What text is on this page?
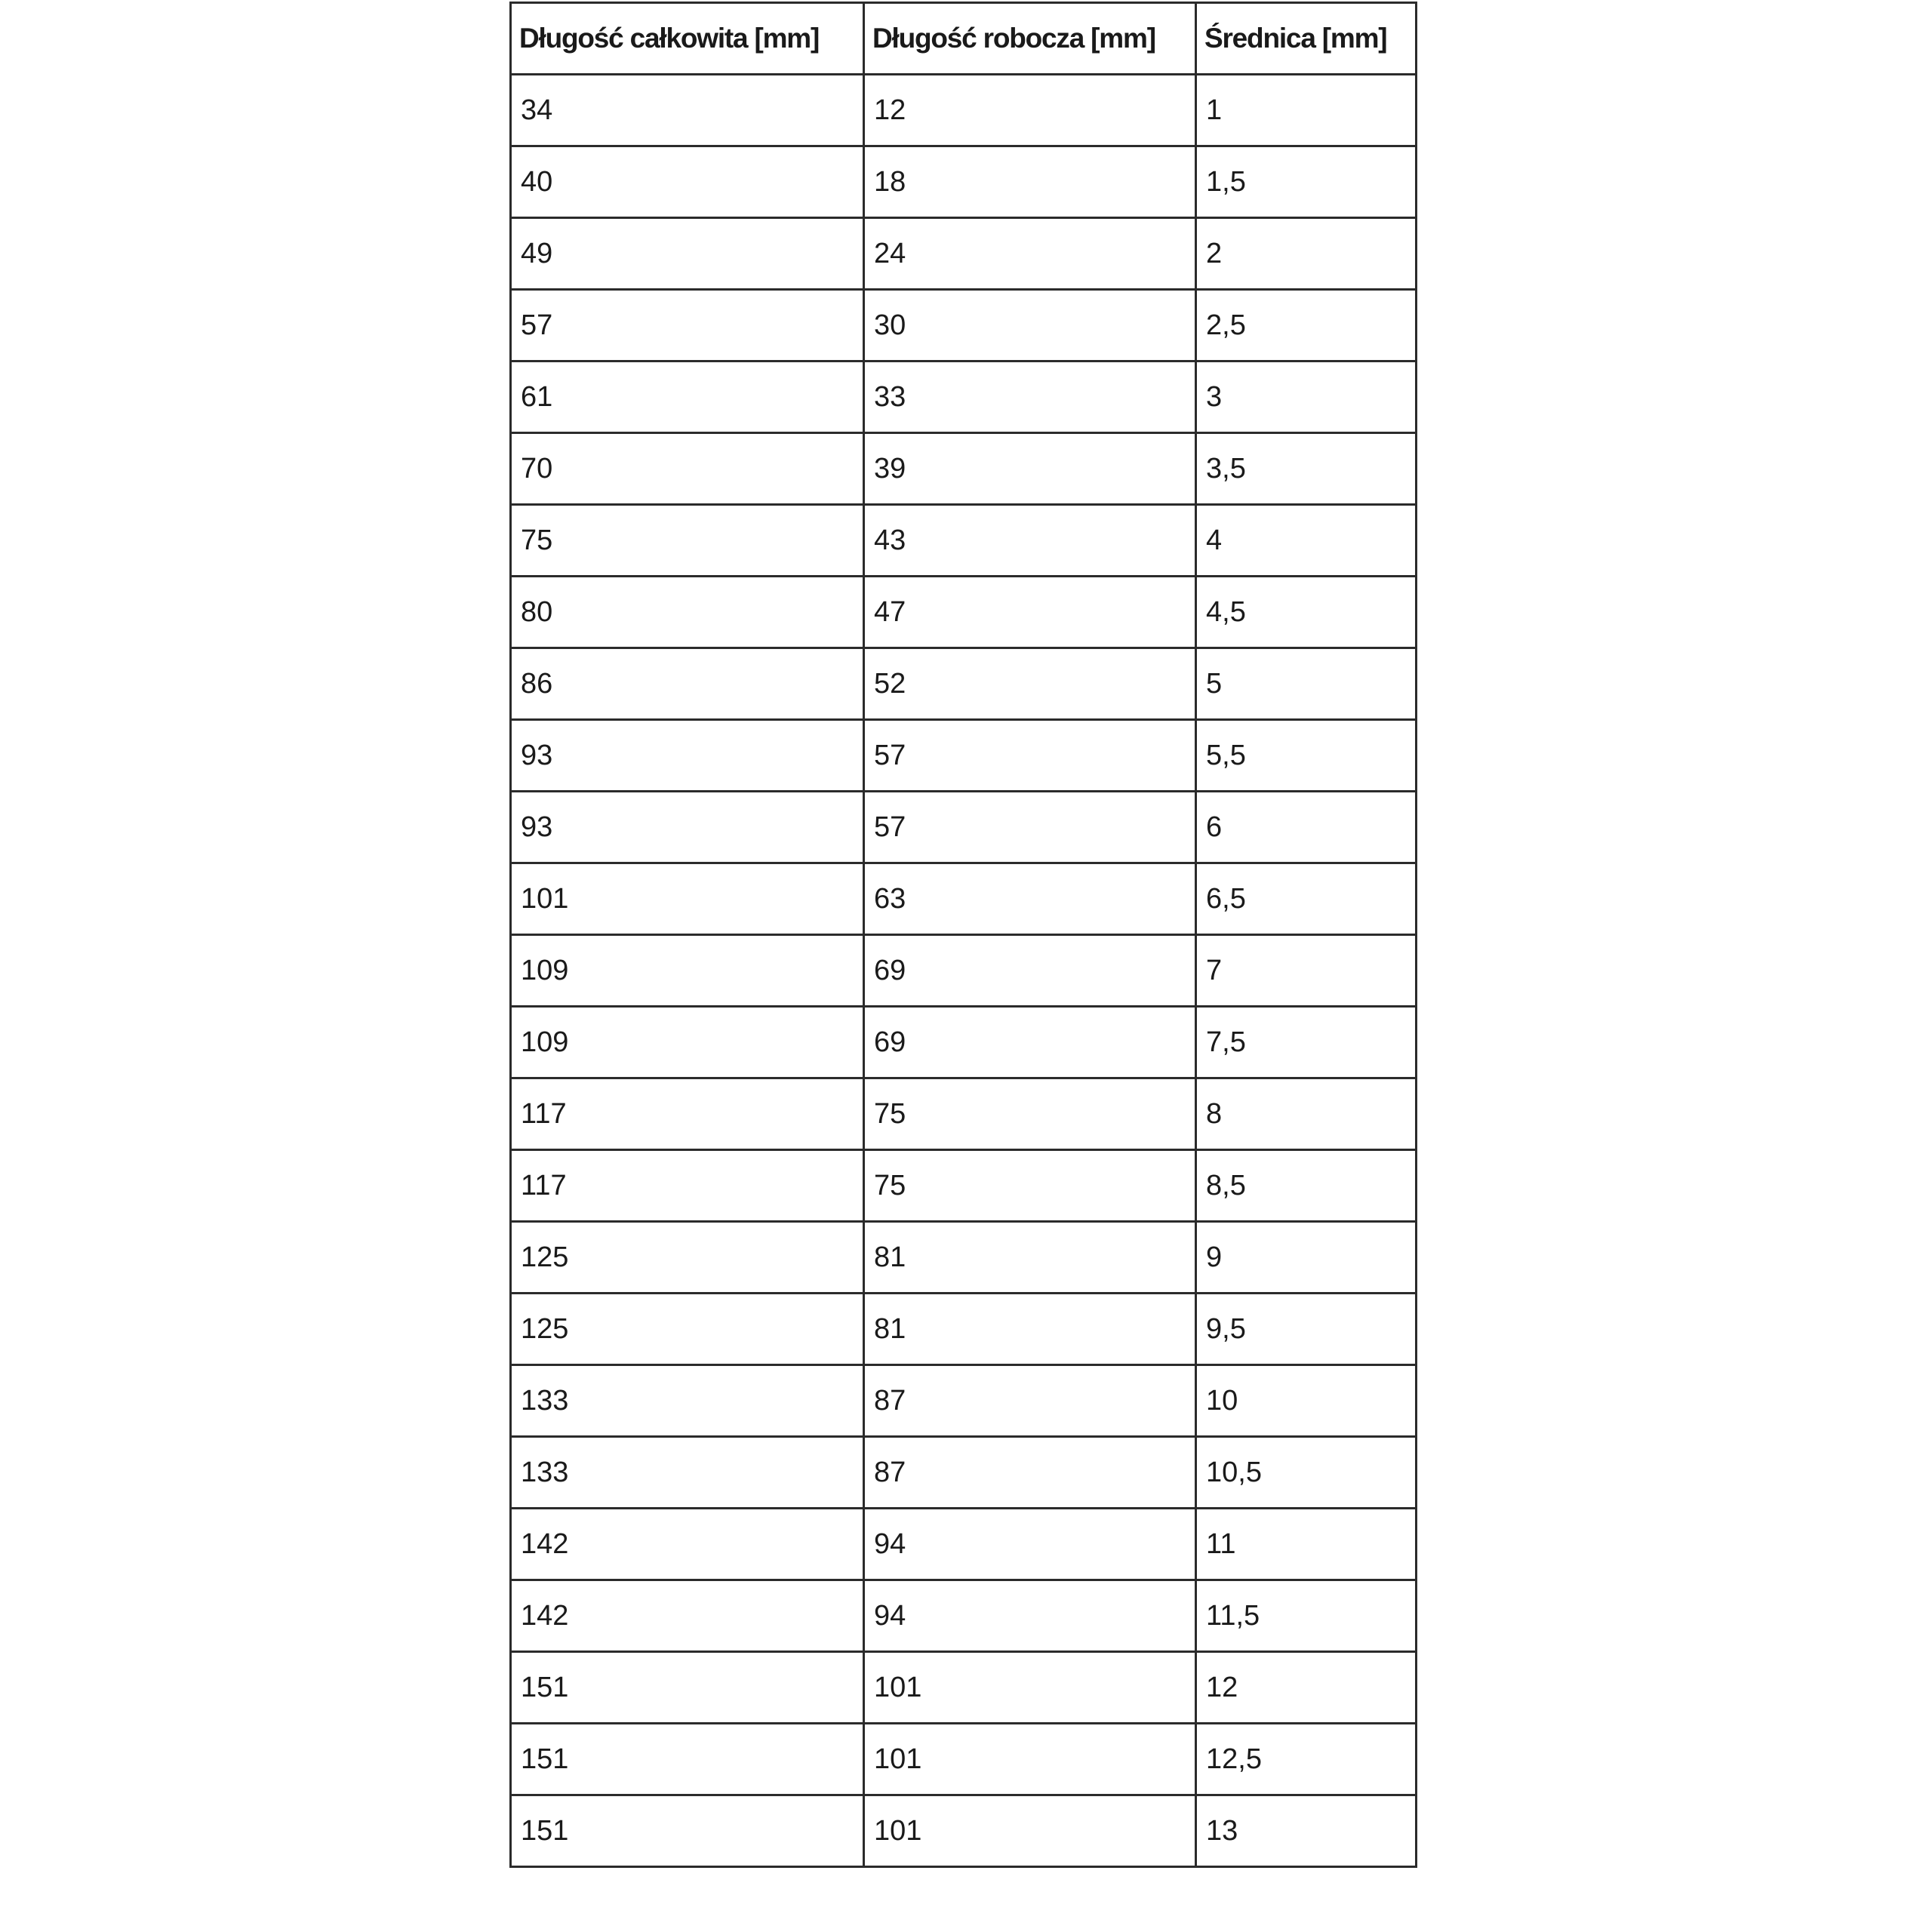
Długość całkowita [mm]	Długość robocza [mm]	Średnica [mm]
34	12	1
40	18	1,5
49	24	2
57	30	2,5
61	33	3
70	39	3,5
75	43	4
80	47	4,5
86	52	5
93	57	5,5
93	57	6
101	63	6,5
109	69	7
109	69	7,5
117	75	8
117	75	8,5
125	81	9
125	81	9,5
133	87	10
133	87	10,5
142	94	11
142	94	11,5
151	101	12
151	101	12,5
151	101	13
